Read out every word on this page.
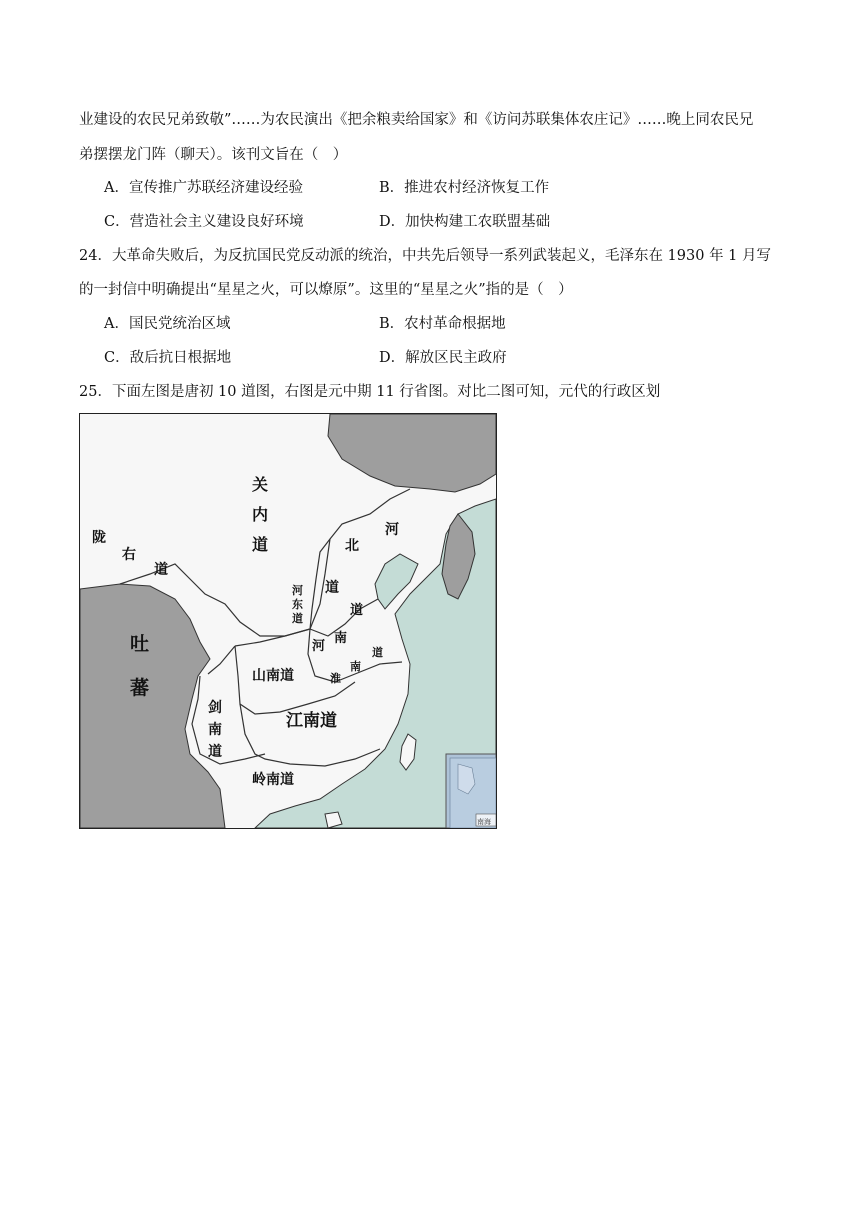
业建设的农民兄弟致敬”……为农民演出《把余粮卖给国家》和《访问苏联集体农庄记》……晚上同农民兄
弟摆摆龙门阵（聊天）。该刊文旨在（　）
A．宣传推广苏联经济建设经验	B．推进农村经济恢复工作
C．营造社会主义建设良好环境	D．加快构建工农联盟基础
24．大革命失败后，为反抗国民党反动派的统治，中共先后领导一系列武装起义，毛泽东在 1930 年 1 月写
的一封信中明确提出“星星之火，可以燎原”。这里的“星星之火”指的是（　）
A．国民党统治区域	B．农村革命根据地
C．敌后抗日根据地	D．解放区民主政府
25．下面左图是唐初 10 道图，右图是元中期 11 行省图。对比二图可知，元代的行政区划
关
内
道
陇
右
道
河
北
道
河
东
道
道
河
南
南
道
淮
山南道
江南道
剑
南
道
岭南道
吐
蕃
南海
